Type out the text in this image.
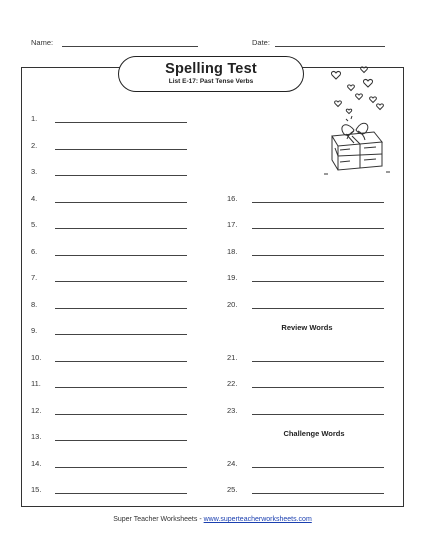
Name:	Date:
Spelling Test
List E-17: Past Tense Verbs
1.
2.
3.
4.
5.
6.
7.
8.
9.
10.
11.
12.
13.
14.
15.
16.
17.
18.
19.
20.
21.
22.
23.
24.
25.
Review Words
Challenge Words
Super Teacher Worksheets - www.superteacherworksheets.com
